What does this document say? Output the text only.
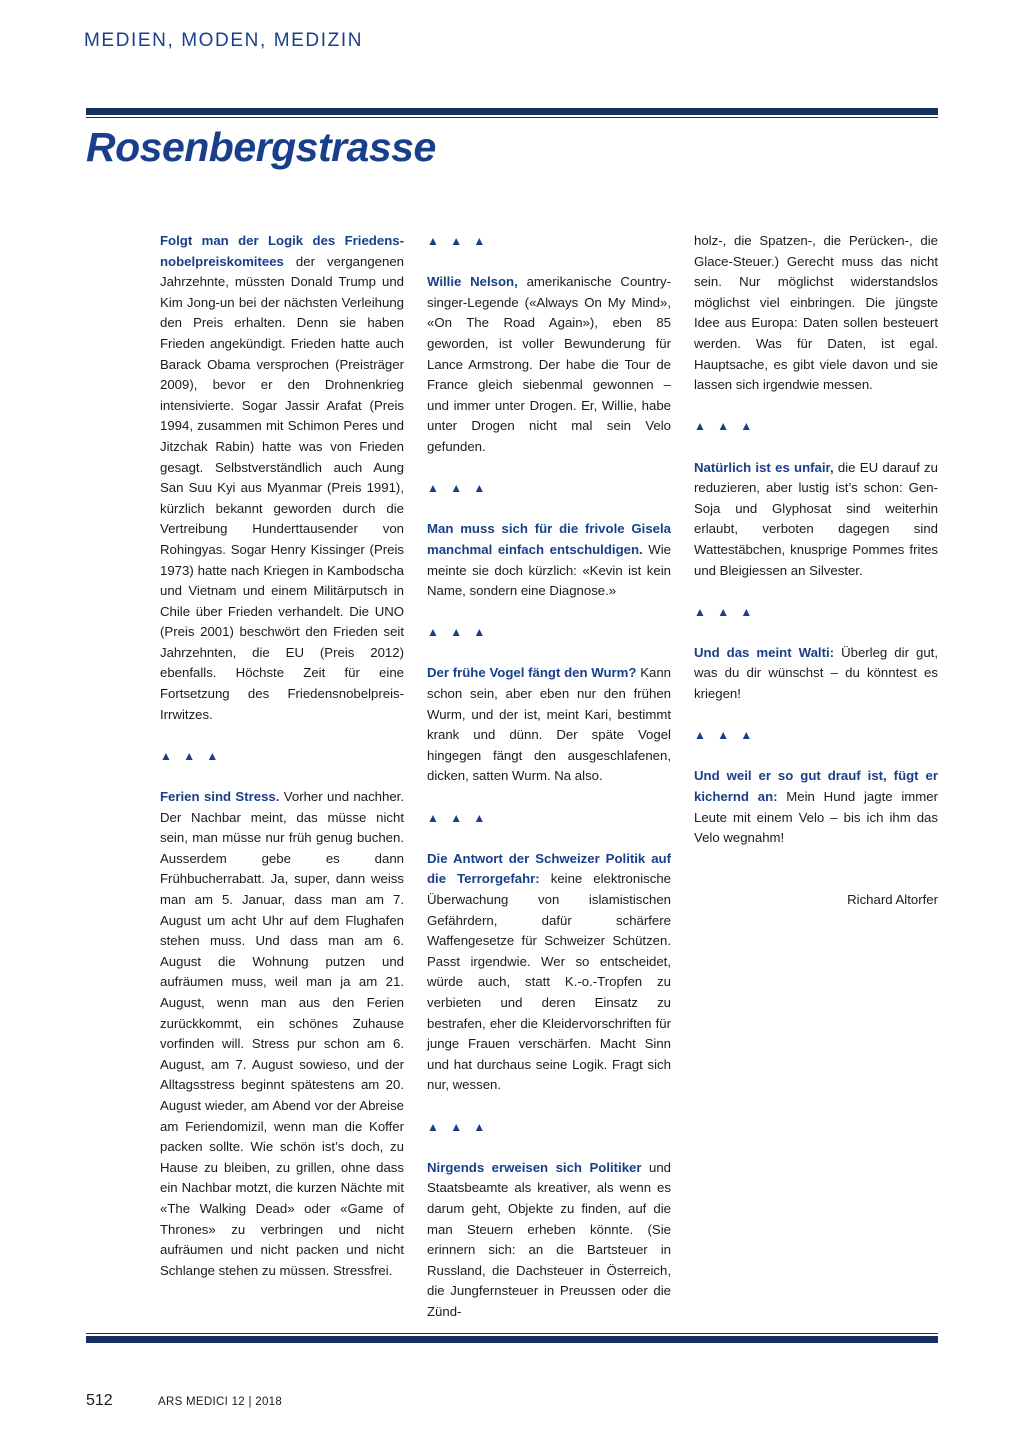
MEDIEN, MODEN, MEDIZIN
Rosenbergstrasse

Folgt man der Logik des Friedensnobelpreiskomitees der vergangenen Jahrzehnte, müssten Donald Trump und Kim Jong-un bei der nächsten Verleihung den Preis erhalten. Denn sie haben Frieden angekündigt. Frieden hatte auch Barack Obama versprochen (Preisträger 2009), bevor er den Drohnenkrieg intensivierte. Sogar Jassir Arafat (Preis 1994, zusammen mit Schimon Peres und Jitzchak Rabin) hatte was von Frieden gesagt. Selbstverständlich auch Aung San Suu Kyi aus Myanmar (Preis 1991), kürzlich bekannt geworden durch die Vertreibung Hunderttausender von Rohingyas. Sogar Henry Kissinger (Preis 1973) hatte nach Kriegen in Kambodscha und Vietnam und einem Militärputsch in Chile über Frieden verhandelt. Die UNO (Preis 2001) beschwört den Frieden seit Jahrzehnten, die EU (Preis 2012) ebenfalls. Höchste Zeit für eine Fortsetzung des Friedensnobelpreis-Irrwitzes.

▲ ▲ ▲

Ferien sind Stress. Vorher und nachher. Der Nachbar meint, das müsse nicht sein, man müsse nur früh genug buchen. Ausserdem gebe es dann Frühbucherrabatt. Ja, super, dann weiss man am 5. Januar, dass man am 7. August um acht Uhr auf dem Flughafen stehen muss. Und dass man am 6. August die Wohnung putzen und aufräumen muss, weil man ja am 21. August, wenn man aus den Ferien zurückkommt, ein schönes Zuhause vorfinden will. Stress pur schon am 6. August, am 7. August sowieso, und der Alltagsstress beginnt spätestens am 20. August wieder, am Abend vor der Abreise am Feriendomizil, wenn man die Koffer packen sollte. Wie schön ist’s doch, zu Hause zu bleiben, zu grillen, ohne dass ein Nachbar motzt, die kurzen Nächte mit «The Walking Dead» oder «Game of Thrones» zu verbringen und nicht aufräumen und nicht packen und nicht Schlange stehen zu müssen. Stressfrei.

▲ ▲ ▲

Willie Nelson, amerikanische Country-singer-Legende («Always On My Mind», «On The Road Again»), eben 85 geworden, ist voller Bewunderung für Lance Armstrong. Der habe die Tour de France gleich siebenmal gewonnen – und immer unter Drogen. Er, Willie, habe unter Drogen nicht mal sein Velo gefunden.

▲ ▲ ▲

Man muss sich für die frivole Gisela manchmal einfach entschuldigen. Wie meinte sie doch kürzlich: «Kevin ist kein Name, sondern eine Diagnose.»

▲ ▲ ▲

Der frühe Vogel fängt den Wurm? Kann schon sein, aber eben nur den frühen Wurm, und der ist, meint Kari, bestimmt krank und dünn. Der späte Vogel hingegen fängt den ausgeschlafenen, dicken, satten Wurm. Na also.

▲ ▲ ▲

Die Antwort der Schweizer Politik auf die Terrorgefahr: keine elektronische Überwachung von islamistischen Gefährdern, dafür schärfere Waffengesetze für Schweizer Schützen. Passt irgendwie. Wer so entscheidet, würde auch, statt K.-o.-Tropfen zu verbieten und deren Einsatz zu bestrafen, eher die Kleidervorschriften für junge Frauen verschärfen. Macht Sinn und hat durchaus seine Logik. Fragt sich nur, wessen.

▲ ▲ ▲

Nirgends erweisen sich Politiker und Staatsbeamte als kreativer, als wenn es darum geht, Objekte zu finden, auf die man Steuern erheben könnte. (Sie erinnern sich: an die Bartsteuer in Russland, die Dachsteuer in Österreich, die Jungfernsteuer in Preussen oder die Zünd-

holz-, die Spatzen-, die Perücken-, die Glace-Steuer.) Gerecht muss das nicht sein. Nur möglichst widerstandslos möglichst viel einbringen. Die jüngste Idee aus Europa: Daten sollen besteuert werden. Was für Daten, ist egal. Hauptsache, es gibt viele davon und sie lassen sich irgendwie messen.

▲ ▲ ▲

Natürlich ist es unfair, die EU darauf zu reduzieren, aber lustig ist’s schon: Gen-Soja und Glyphosat sind weiterhin erlaubt, verboten dagegen sind Wattestäbchen, knusprige Pommes frites und Bleigiessen an Silvester.

▲ ▲ ▲

Und das meint Walti: Überleg dir gut, was du dir wünschst – du könntest es kriegen!

▲ ▲ ▲

Und weil er so gut drauf ist, fügt er kichernd an: Mein Hund jagte immer Leute mit einem Velo – bis ich ihm das Velo wegnahm!

Richard Altorfer
512	ARS MEDICI 12 | 2018
